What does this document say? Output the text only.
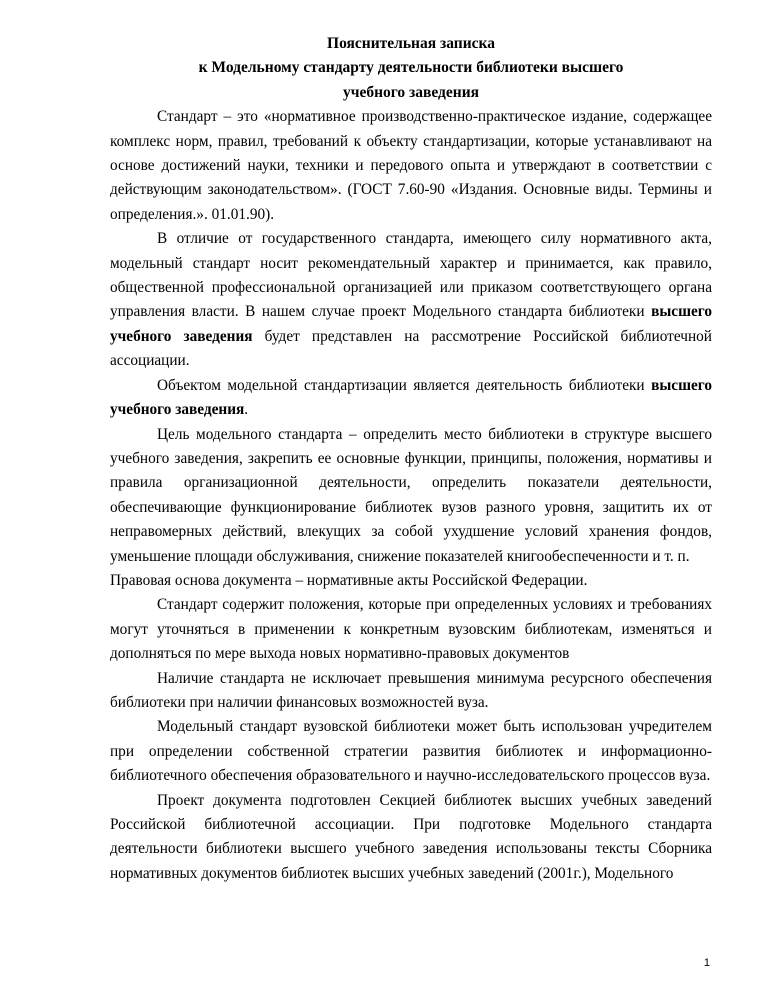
Пояснительная записка

к Модельному стандарту деятельности библиотеки высшего

учебного заведения

Стандарт – это «нормативное производственно-практическое издание, содержащее комплекс норм, правил, требований к объекту стандартизации, которые устанавливают на основе достижений науки, техники и передового опыта и утверждают в соответствии с действующим законодательством». (ГОСТ 7.60-90 «Издания. Основные виды. Термины и определения.». 01.01.90).

В отличие от государственного стандарта, имеющего силу нормативного акта, модельный стандарт носит рекомендательный характер и принимается, как правило, общественной профессиональной организацией или приказом соответствующего органа управления власти. В нашем случае проект Модельного стандарта библиотеки высшего учебного заведения будет представлен на рассмотрение Российской библиотечной ассоциации.

Объектом модельной стандартизации является деятельность библиотеки высшего учебного заведения.

Цель модельного стандарта – определить место библиотеки в структуре высшего учебного заведения, закрепить ее основные функции, принципы, положения, нормативы и правила организационной деятельности, определить показатели деятельности, обеспечивающие функционирование библиотек вузов разного уровня, защитить их от неправомерных действий, влекущих за собой ухудшение условий хранения фондов, уменьшение площади обслуживания, снижение показателей книгообеспеченности и т. п.

Правовая основа документа – нормативные акты Российской Федерации.

Стандарт содержит положения, которые при определенных условиях и требованиях могут уточняться в применении к конкретным вузовским библиотекам, изменяться и дополняться по мере выхода новых нормативно-правовых документов

Наличие стандарта не исключает превышения минимума ресурсного обеспечения библиотеки при наличии финансовых возможностей вуза.

Модельный стандарт вузовской библиотеки может быть использован учредителем при определении собственной стратегии развития библиотек и информационно-библиотечного обеспечения образовательного и научно-исследовательского процессов вуза.

Проект документа подготовлен Секцией библиотек высших учебных заведений Российской библиотечной ассоциации. При подготовке Модельного стандарта деятельности библиотеки высшего учебного заведения использованы тексты Сборника нормативных документов библиотек высших учебных заведений (2001г.), Модельного

1
